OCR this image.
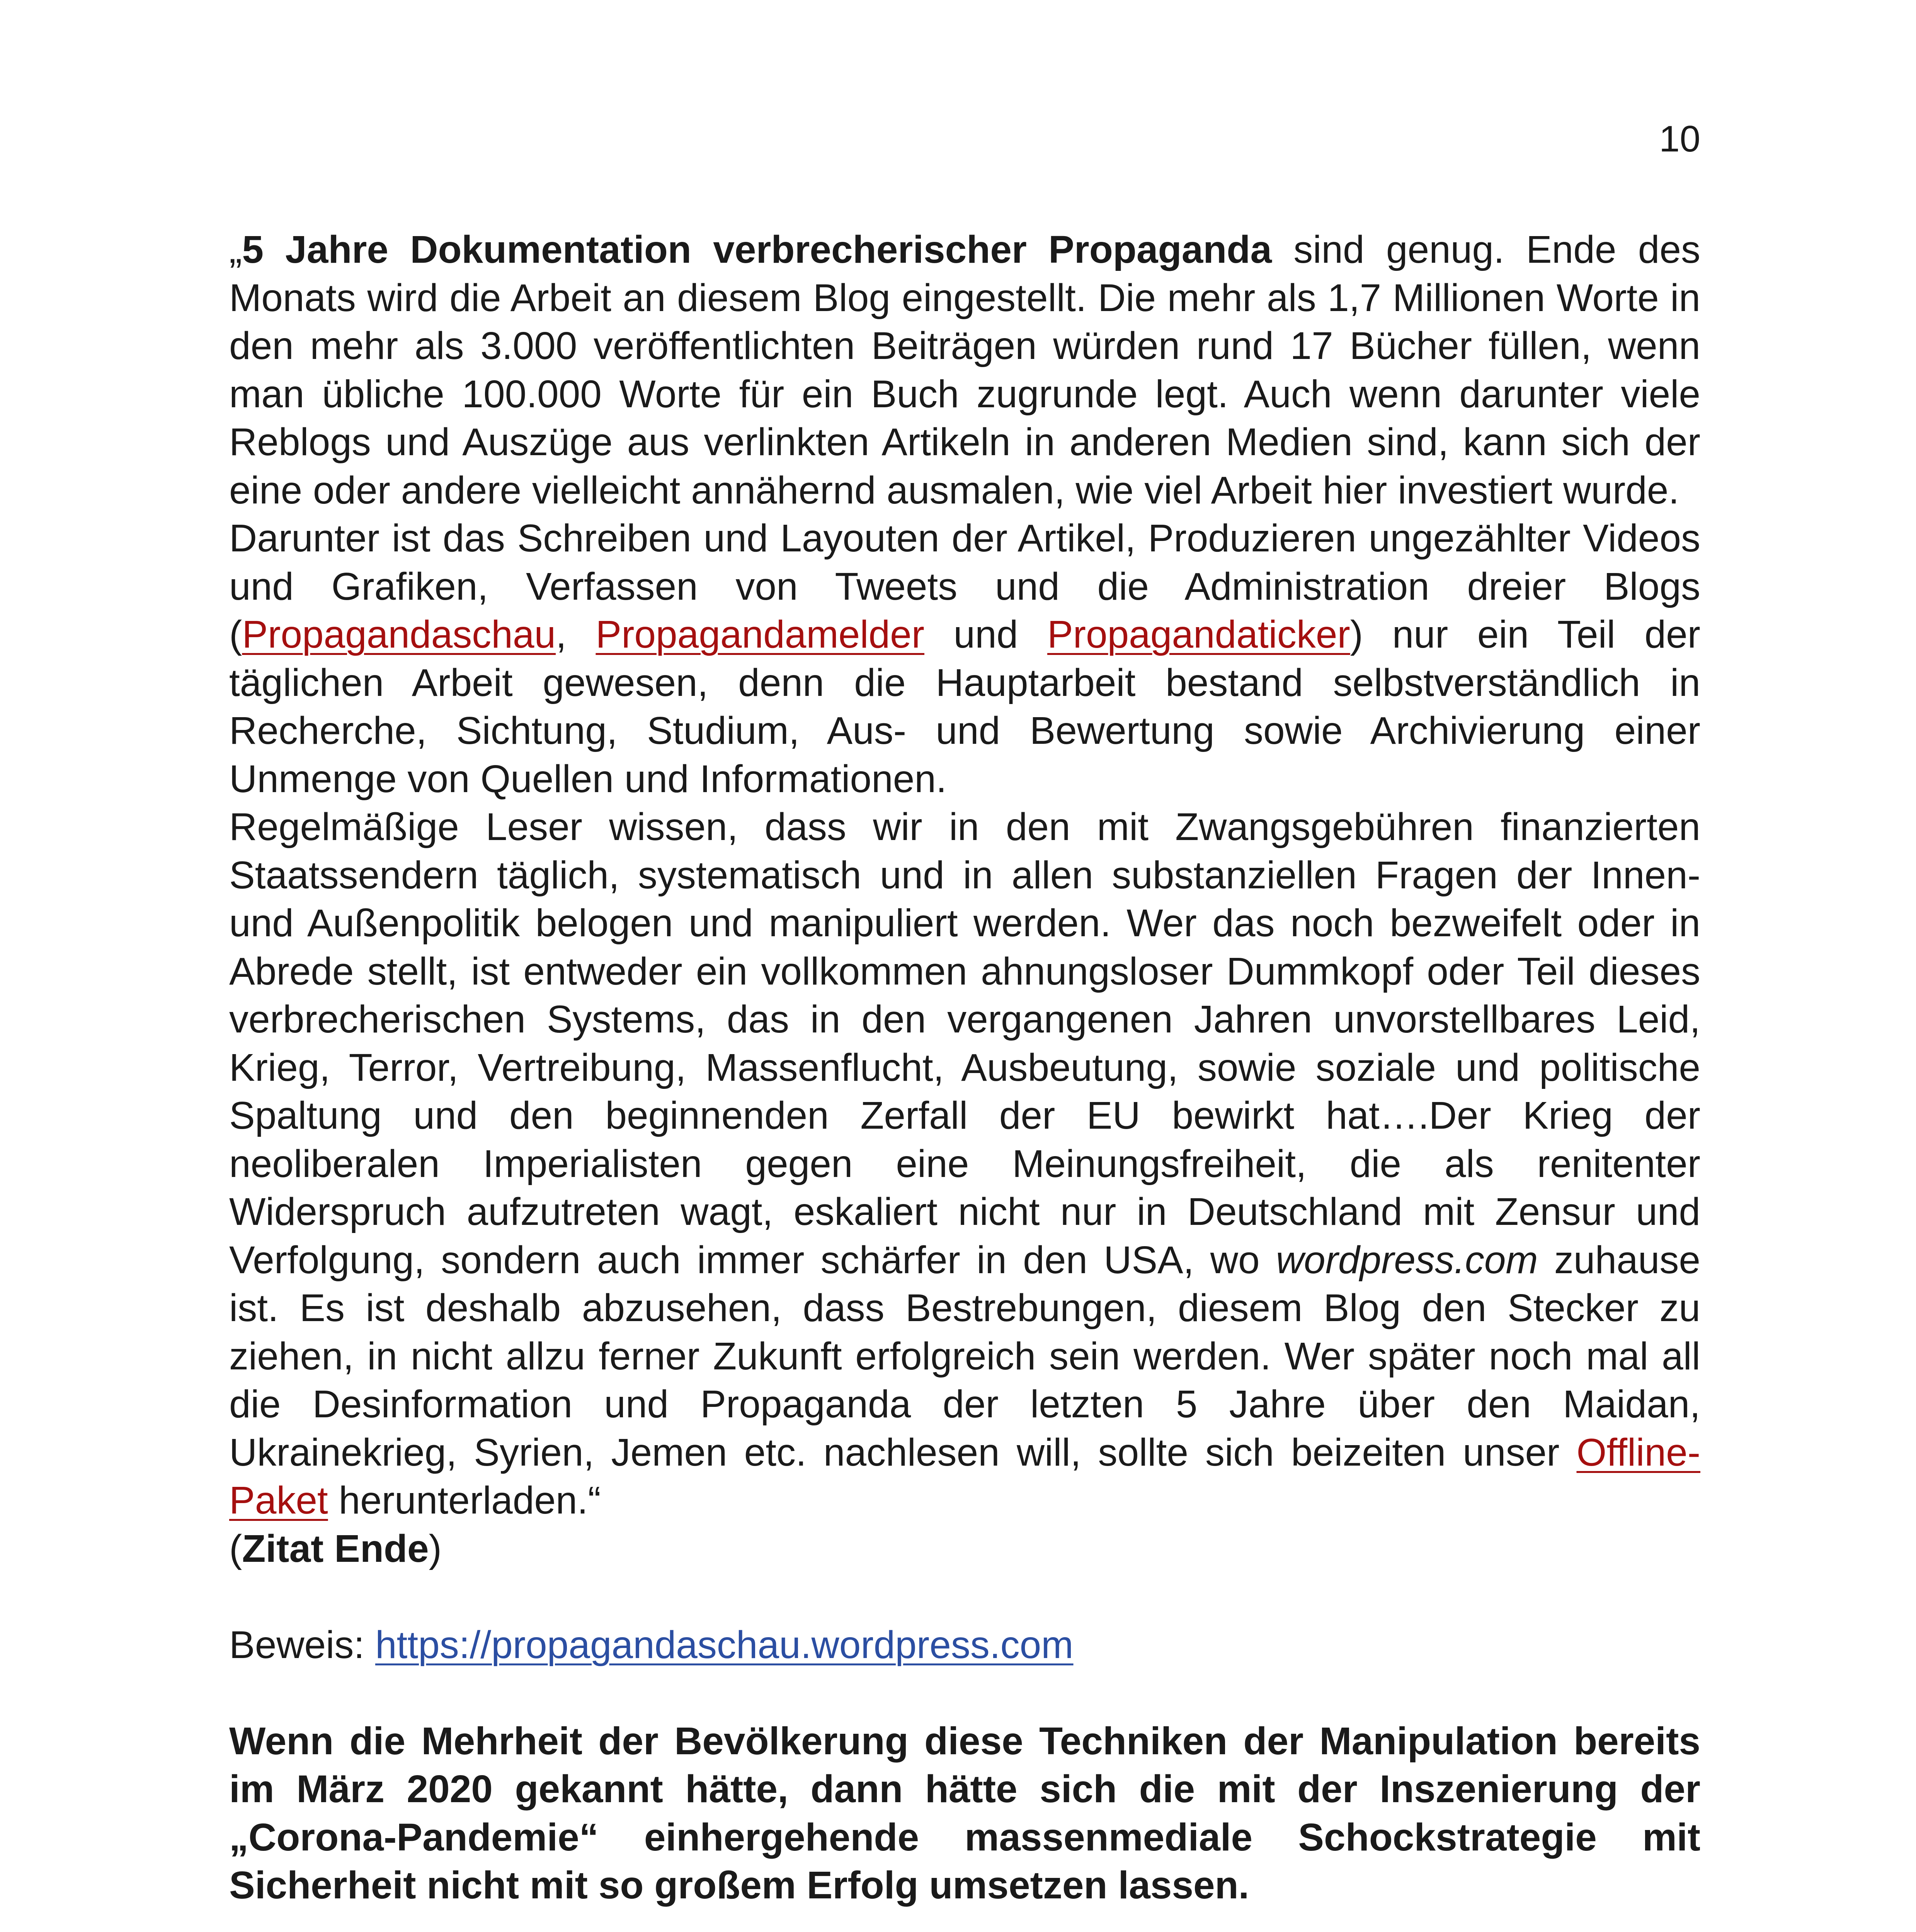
10

„5 Jahre Dokumentation verbrecherischer Propaganda sind genug. Ende des Monats wird die Arbeit an diesem Blog eingestellt. Die mehr als 1,7 Millionen Worte in den mehr als 3.000 veröffentlichten Beiträgen würden rund 17 Bücher füllen, wenn man übliche 100.000 Worte für ein Buch zugrunde legt. Auch wenn darunter viele Reblogs und Auszüge aus verlinkten Artikeln in anderen Medien sind, kann sich der eine oder andere vielleicht annähernd ausmalen, wie viel Arbeit hier investiert wurde.

Darunter ist das Schreiben und Layouten der Artikel, Produzieren ungezählter Videos und Grafiken, Verfassen von Tweets und die Administration dreier Blogs (Propagandaschau, Propagandamelder und Propagandaticker) nur ein Teil der täglichen Arbeit gewesen, denn die Hauptarbeit bestand selbstverständlich in Recherche, Sichtung, Studium, Aus- und Bewertung sowie Archivierung einer Unmenge von Quellen und Informationen.

Regelmäßige Leser wissen, dass wir in den mit Zwangsgebühren finanzierten Staatssendern täglich, systematisch und in allen substanziellen Fragen der Innen- und Außenpolitik belogen und manipuliert werden. Wer das noch bezweifelt oder in Abrede stellt, ist entweder ein vollkommen ahnungsloser Dummkopf oder Teil dieses verbrecherischen Systems, das in den vergangenen Jahren unvorstellbares Leid, Krieg, Terror, Vertreibung, Massenflucht, Ausbeutung, sowie soziale und politische Spaltung und den beginnenden Zerfall der EU bewirkt hat….Der Krieg der neoliberalen Imperialisten gegen eine Meinungsfreiheit, die als renitenter Widerspruch aufzutreten wagt, eskaliert nicht nur in Deutschland mit Zensur und Verfolgung, sondern auch immer schärfer in den USA, wo wordpress.com zuhause ist. Es ist deshalb abzusehen, dass Bestrebungen, diesem Blog den Stecker zu ziehen, in nicht allzu ferner Zukunft erfolgreich sein werden. Wer später noch mal all die Desinformation und Propaganda der letzten 5 Jahre über den Maidan, Ukrainekrieg, Syrien, Jemen etc. nachlesen will, sollte sich beizeiten unser Offline-Paket herunterladen.“

(Zitat Ende)

Beweis: https://propagandaschau.wordpress.com

Wenn die Mehrheit der Bevölkerung diese Techniken der Manipulation bereits im März 2020 gekannt hätte, dann hätte sich die mit der Inszenierung der „Corona-Pandemie“ einhergehende massenmediale Schockstrategie mit Sicherheit nicht mit so großem Erfolg umsetzen lassen.
